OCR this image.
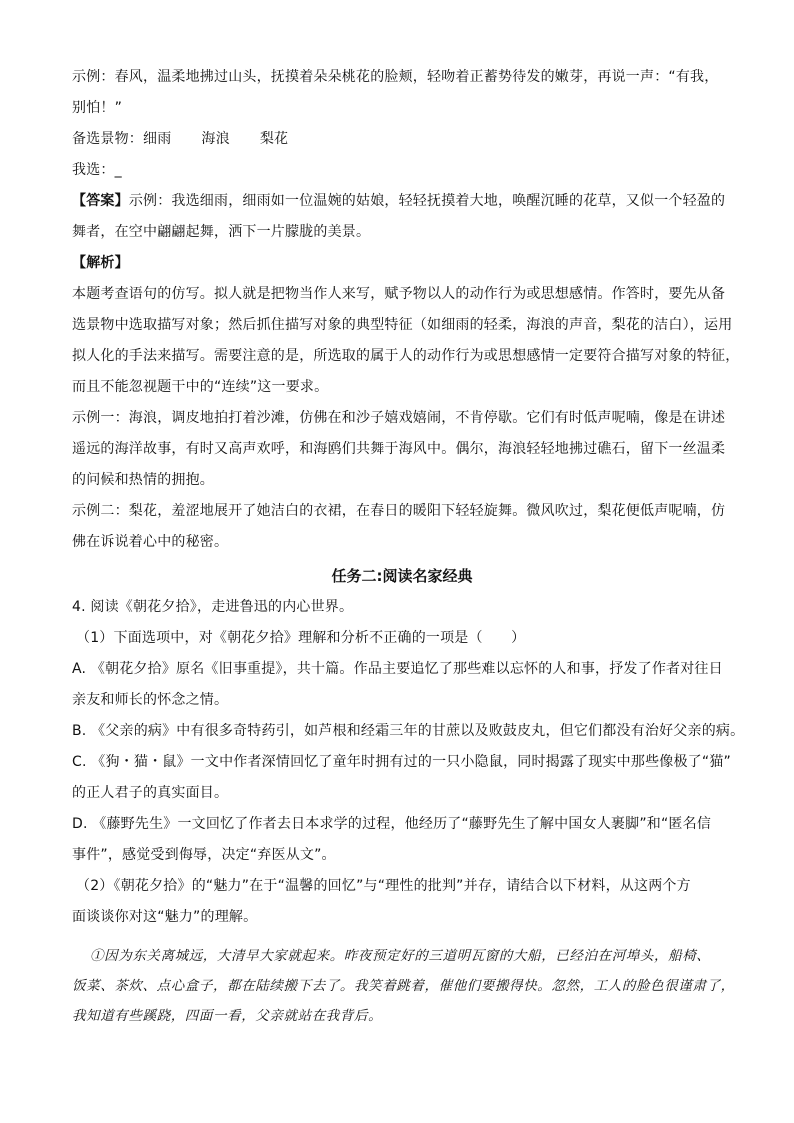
示例：春风，温柔地拂过山头，抚摸着朵朵桃花的脸颊，轻吻着正蓄势待发的嫩芽，再说一声：“有我，
别怕！”
备选景物：细雨 海浪 梨花
我选：_
【答案】示例：我选细雨，细雨如一位温婉的姑娘，轻轻抚摸着大地，唤醒沉睡的花草，又似一个轻盈的
舞者，在空中翩翩起舞，洒下一片朦胧的美景。
【解析】
本题考查语句的仿写。拟人就是把物当作人来写，赋予物以人的动作行为或思想感情。作答时，要先从备
选景物中选取描写对象；然后抓住描写对象的典型特征（如细雨的轻柔，海浪的声音，梨花的洁白），运用
拟人化的手法来描写。需要注意的是，所选取的属于人的动作行为或思想感情一定要符合描写对象的特征，
而且不能忽视题干中的“连续”这一要求。
示例一：海浪，调皮地拍打着沙滩，仿佛在和沙子嬉戏嬉闹，不肯停歇。它们有时低声呢喃，像是在讲述
遥远的海洋故事，有时又高声欢呼，和海鸥们共舞于海风中。偶尔，海浪轻轻地拂过礁石，留下一丝温柔
的问候和热情的拥抱。
示例二：梨花，羞涩地展开了她洁白的衣裙，在春日的暖阳下轻轻旋舞。微风吹过，梨花便低声呢喃，仿
佛在诉说着心中的秘密。
任务二:阅读名家经典
4. 阅读《朝花夕拾》，走进鲁迅的内心世界。
（1）下面选项中，对《朝花夕拾》理解和分析不正确的一项是（　　）
A. 《朝花夕拾》原名《旧事重提》，共十篇。作品主要追忆了那些难以忘怀的人和事，抒发了作者对往日
亲友和师长的怀念之情。
B. 《父亲的病》中有很多奇特药引，如芦根和经霜三年的甘蔗以及败鼓皮丸，但它们都没有治好父亲的病。
C. 《狗・猫・鼠》一文中作者深情回忆了童年时拥有过的一只小隐鼠，同时揭露了现实中那些像极了“猫”
的正人君子的真实面目。
D. 《藤野先生》一文回忆了作者去日本求学的过程，他经历了“藤野先生了解中国女人裹脚”和“匿名信
事件”，感觉受到侮辱，决定“弃医从文”。
（2）《朝花夕拾》的“魅力”在于“温馨的回忆”与“理性的批判”并存，请结合以下材料，从这两个方
面谈谈你对这“魅力”的理解。
①因为东关离城远，大清早大家就起来。昨夜预定好的三道明瓦窗的大船，已经泊在河埠头，船椅、
饭菜、茶炊、点心盒子，都在陆续搬下去了。我笑着跳着，催他们要搬得快。忽然，工人的脸色很谨肃了，
我知道有些蹊跷，四面一看，父亲就站在我背后。
